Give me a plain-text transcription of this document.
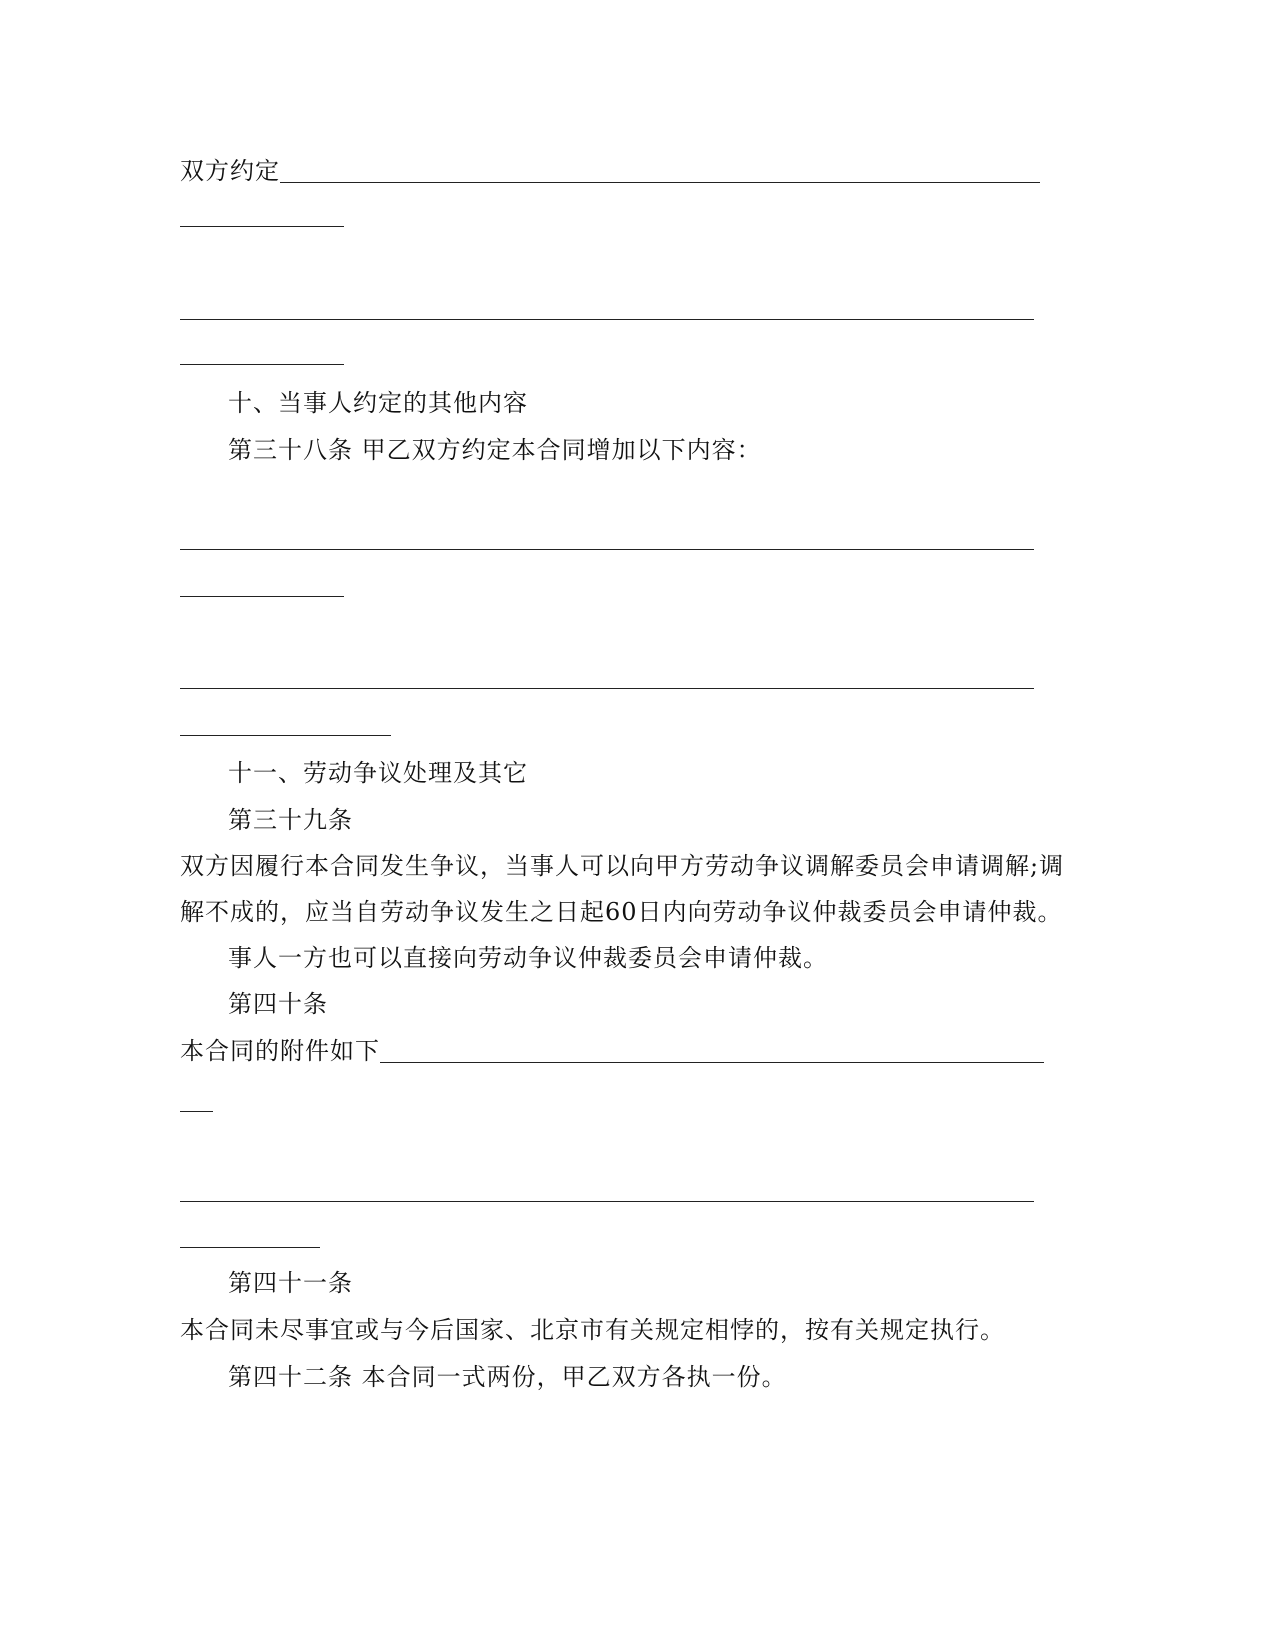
双方约定
十、当事人约定的其他内容
第三十八条 甲乙双方约定本合同增加以下内容：
十一、劳动争议处理及其它
第三十九条
双方因履行本合同发生争议，当事人可以向甲方劳动争议调解委员会申请调解;调
解不成的，应当自劳动争议发生之日起60日内向劳动争议仲裁委员会申请仲裁。
事人一方也可以直接向劳动争议仲裁委员会申请仲裁。
第四十条
本合同的附件如下
第四十一条
本合同未尽事宜或与今后国家、北京市有关规定相悖的，按有关规定执行。
第四十二条 本合同一式两份，甲乙双方各执一份。
